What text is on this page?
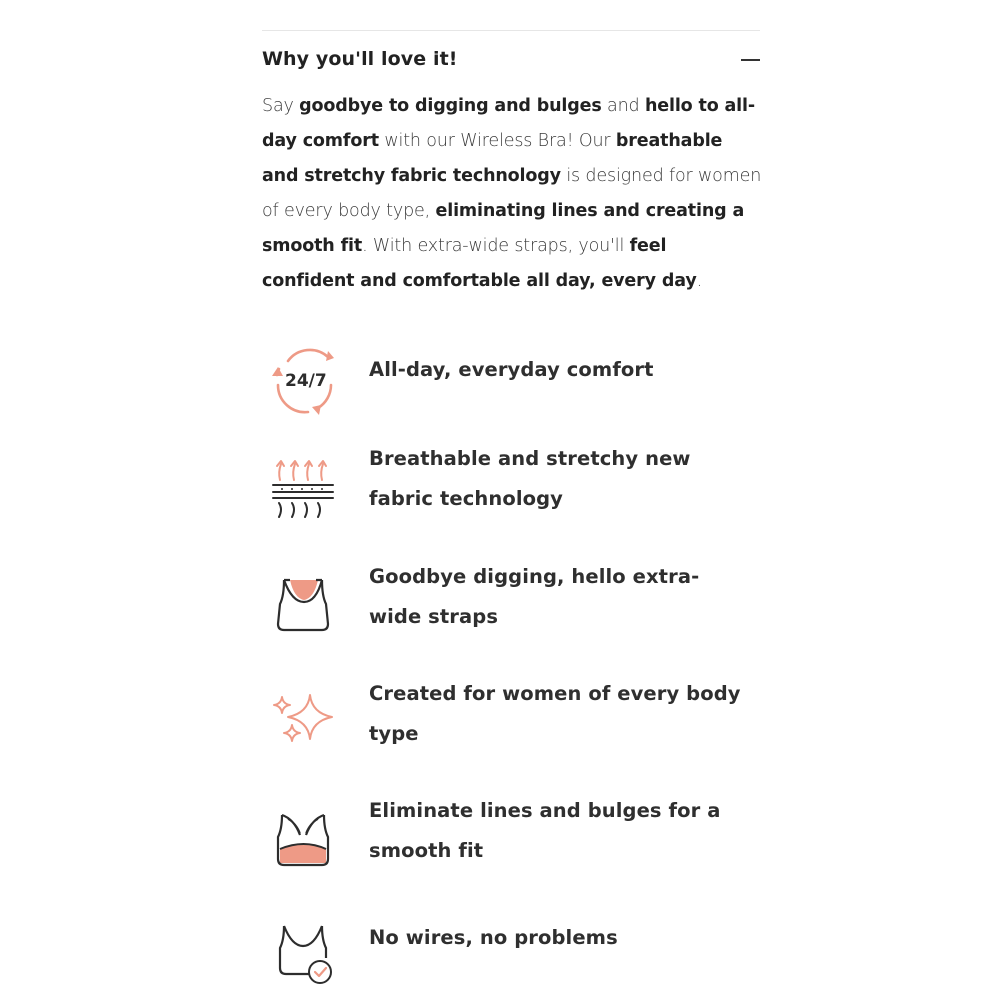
Why you'll love it!

Say goodbye to digging and bulges and hello to all-day comfort with our Wireless Bra! Our breathable and stretchy fabric technology is designed for women of every body type, eliminating lines and creating a smooth fit. With extra-wide straps, you'll feel confident and comfortable all day, every day.

24/7 All-day, everyday comfort
Breathable and stretchy new fabric technology
Goodbye digging, hello extra-wide straps
Created for women of every body type
Eliminate lines and bulges for a smooth fit
No wires, no problems
